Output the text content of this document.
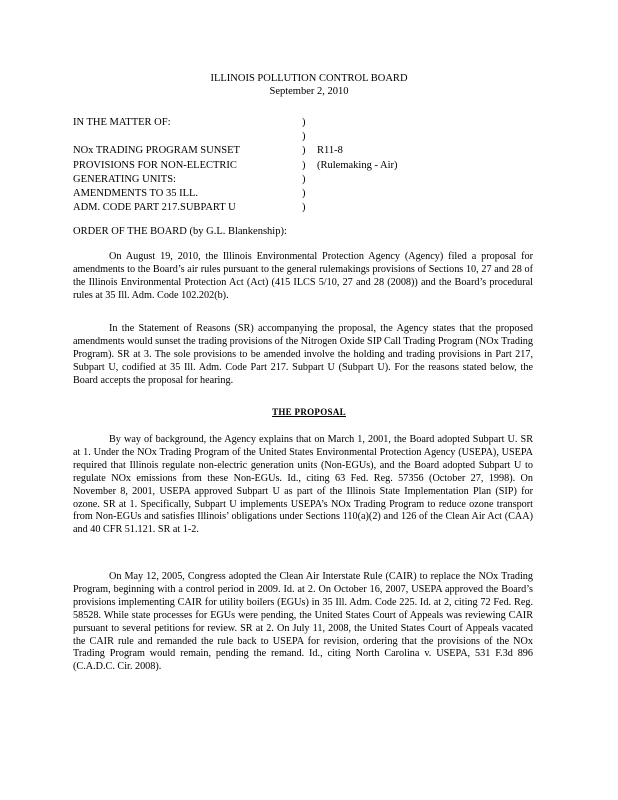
ILLINOIS POLLUTION CONTROL BOARD
September 2, 2010
IN THE MATTER OF:
NOx TRADING PROGRAM SUNSET
PROVISIONS FOR NON-ELECTRIC
GENERATING UNITS:
AMENDMENTS TO 35 ILL.
ADM. CODE PART 217.SUBPART U
)
)
)
)
)
)
)
R11-8
(Rulemaking - Air)
ORDER OF THE BOARD (by G.L. Blankenship):

On August 19, 2010, the Illinois Environmental Protection Agency (Agency) filed a proposal for amendments to the Board’s air rules pursuant to the general rulemakings provisions of Sections 10, 27 and 28 of the Illinois Environmental Protection Act (Act) (415 ILCS 5/10, 27 and 28 (2008)) and the Board’s procedural rules at 35 Ill. Adm. Code 102.202(b).

In the Statement of Reasons (SR) accompanying the proposal, the Agency states that the proposed amendments would sunset the trading provisions of the Nitrogen Oxide SIP Call Trading Program (NOx Trading Program). SR at 3. The sole provisions to be amended involve the holding and trading provisions in Part 217, Subpart U, codified at 35 Ill. Adm. Code Part 217. Subpart U (Subpart U). For the reasons stated below, the Board accepts the proposal for hearing.

THE PROPOSAL

By way of background, the Agency explains that on March 1, 2001, the Board adopted Subpart U. SR at 1. Under the NOx Trading Program of the United States Environmental Protection Agency (USEPA), USEPA required that Illinois regulate non-electric generation units (Non-EGUs), and the Board adopted Subpart U to regulate NOx emissions from these Non-EGUs. Id., citing 63 Fed. Reg. 57356 (October 27, 1998). On November 8, 2001, USEPA approved Subpart U as part of the Illinois State Implementation Plan (SIP) for ozone. SR at 1. Specifically, Subpart U implements USEPA’s NOx Trading Program to reduce ozone transport from Non-EGUs and satisfies Illinois’ obligations under Sections 110(a)(2) and 126 of the Clean Air Act (CAA) and 40 CFR 51.121. SR at 1-2.

On May 12, 2005, Congress adopted the Clean Air Interstate Rule (CAIR) to replace the NOx Trading Program, beginning with a control period in 2009. Id. at 2. On October 16, 2007, USEPA approved the Board’s provisions implementing CAIR for utility boilers (EGUs) in 35 Ill. Adm. Code 225. Id. at 2, citing 72 Fed. Reg. 58528. While state processes for EGUs were pending, the United States Court of Appeals was reviewing CAIR pursuant to several petitions for review. SR at 2. On July 11, 2008, the United States Court of Appeals vacated the CAIR rule and remanded the rule back to USEPA for revision, ordering that the provisions of the NOx Trading Program would remain, pending the remand. Id., citing North Carolina v. USEPA, 531 F.3d 896 (C.A.D.C. Cir. 2008).
